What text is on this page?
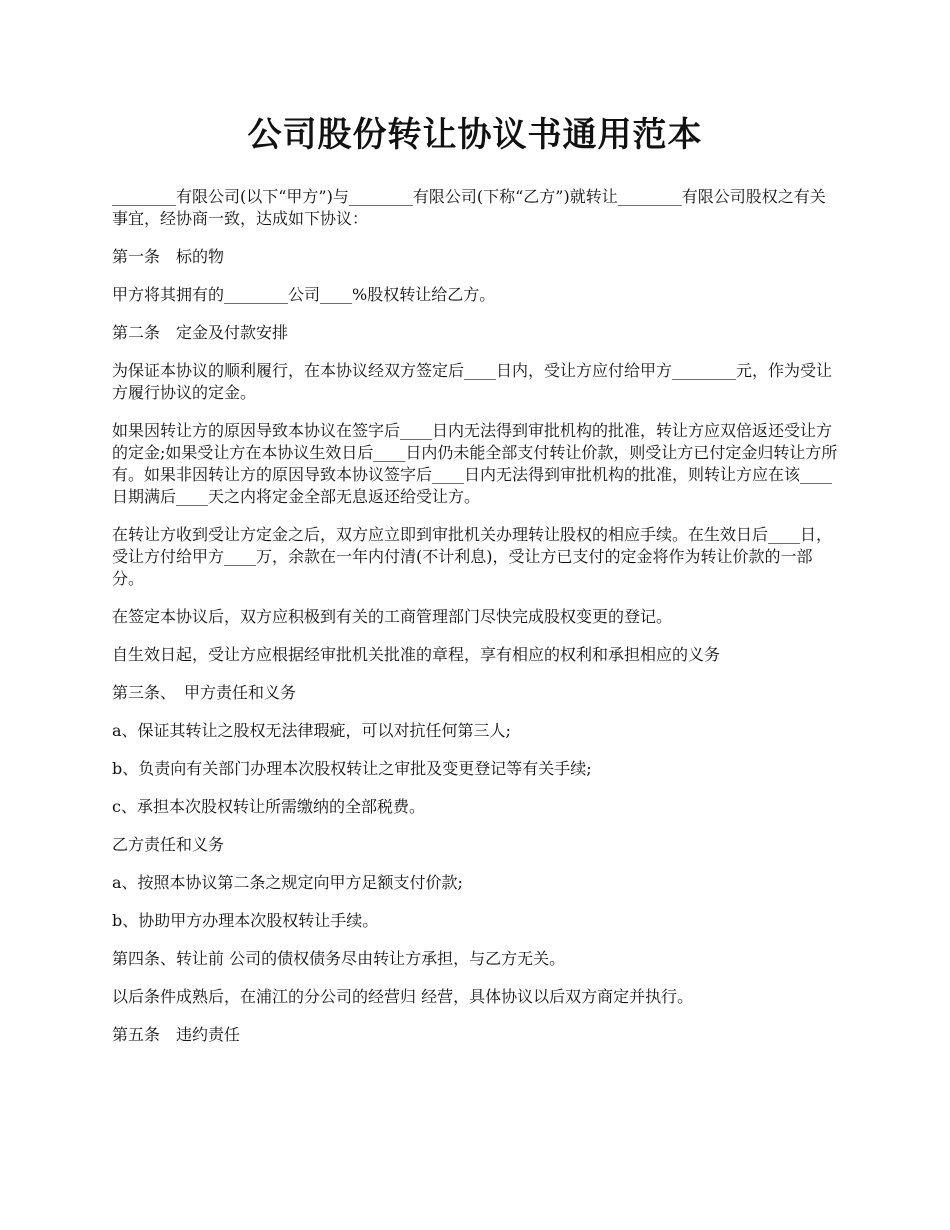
公司股份转让协议书通用范本

________有限公司(以下“甲方”)与________有限公司(下称“乙方”)就转让________有限公司股权之有关事宜，经协商一致，达成如下协议：

第一条　标的物

甲方将其拥有的________公司____%股权转让给乙方。

第二条　定金及付款安排

为保证本协议的顺利履行，在本协议经双方签定后____日内，受让方应付给甲方________元，作为受让方履行协议的定金。

如果因转让方的原因导致本协议在签字后____日内无法得到审批机构的批准，转让方应双倍返还受让方的定金;如果受让方在本协议生效日后____日内仍未能全部支付转让价款，则受让方已付定金归转让方所有。如果非因转让方的原因导致本协议签字后____日内无法得到审批机构的批准，则转让方应在该____日期满后____天之内将定金全部无息返还给受让方。

在转让方收到受让方定金之后，双方应立即到审批机关办理转让股权的相应手续。在生效日后____日，受让方付给甲方____万，余款在一年内付清(不计利息)，受让方已支付的定金将作为转让价款的一部分。

在签定本协议后，双方应积极到有关的工商管理部门尽快完成股权变更的登记。

自生效日起，受让方应根据经审批机关批准的章程，享有相应的权利和承担相应的义务

第三条、　甲方责任和义务

a、保证其转让之股权无法律瑕疵，可以对抗任何第三人;

b、负责向有关部门办理本次股权转让之审批及变更登记等有关手续;

c、承担本次股权转让所需缴纳的全部税费。

乙方责任和义务

a、按照本协议第二条之规定向甲方足额支付价款;

b、协助甲方办理本次股权转让手续。

第四条、转让前 公司的债权债务尽由转让方承担，与乙方无关。

以后条件成熟后，在浦江的分公司的经营归 经营，具体协议以后双方商定并执行。

第五条　违约责任
